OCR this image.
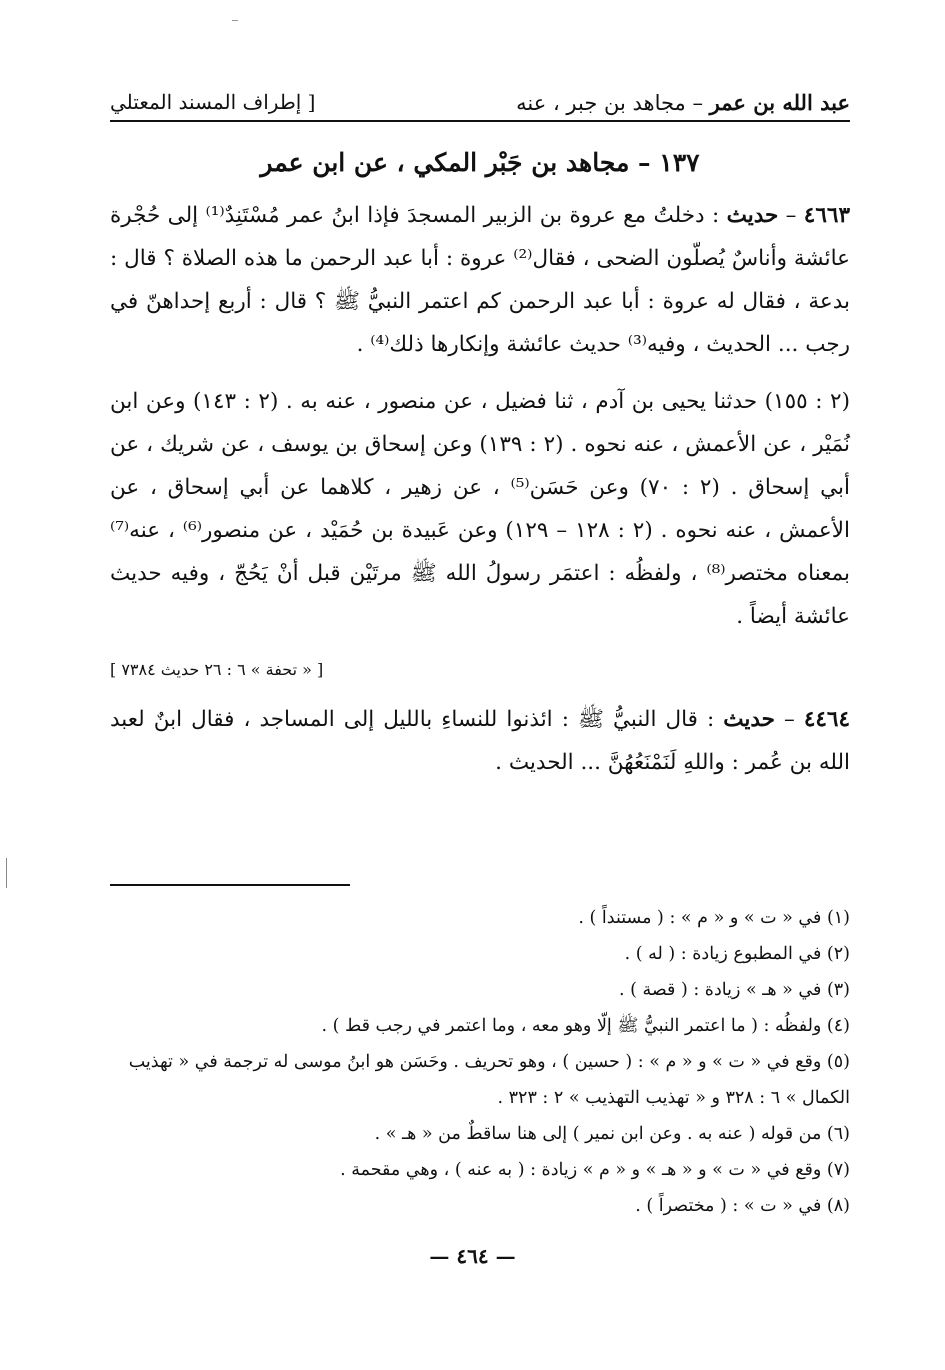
عبد الله بن عمر – مجاهد بن جبر ، عنه
[ إطراف المسند المعتلي
١٣٧ – مجاهد بن جَبْر المكي ، عن ابن عمر

٤٦٦٣ – حديث : دخلتُ مع عروة بن الزبير المسجدَ فإذا ابنُ عمر مُسْتَنِدٌ⁽¹⁾ إلى حُجْرة عائشة وأناسٌ يُصلّون الضحى ، فقال⁽²⁾ عروة : أبا عبد الرحمن ما هذه الصلاة ؟ قال : بدعة ، فقال له عروة : أبا عبد الرحمن كم اعتمر النبيُّ ﷺ ؟ قال : أربع إحداهنّ في رجب ... الحديث ، وفيه⁽³⁾ حديث عائشة وإنكارها ذلك⁽⁴⁾ .

(٢ : ١٥٥) حدثنا يحيى بن آدم ، ثنا فضيل ، عن منصور ، عنه به . (٢ : ١٤٣) وعن ابن نُمَيْر ، عن الأعمش ، عنه نحوه . (٢ : ١٣٩) وعن إسحاق بن يوسف ، عن شريك ، عن أبي إسحاق . (٢ : ٧٠) وعن حَسَن⁽⁵⁾ ، عن زهير ، كلاهما عن أبي إسحاق ، عن الأعمش ، عنه نحوه . (٢ : ١٢٨ – ١٢٩) وعن عَبيدة بن حُمَيْد ، عن منصور⁽⁶⁾ ، عنه⁽⁷⁾ بمعناه مختصر⁽⁸⁾ ، ولفظُه : اعتمَر رسولُ الله ﷺ مرتَيْن قبل أنْ يَحُجّ ، وفيه حديث عائشة أيضاً .

[ « تحفة » ٦ : ٢٦ حديث ٧٣٨٤ ]

٤٤٦٤ – حديث : قال النبيُّ ﷺ : ائذنوا للنساءِ بالليل إلى المساجد ، فقال ابنٌ لعبد الله بن عُمر : واللهِ لَنَمْنَعُهُنَّ ... الحديث .

(١) في « ت » و « م » : ( مستنداً ) .

(٢) في المطبوع زيادة : ( له ) .

(٣) في « هـ » زيادة : ( قصة ) .

(٤) ولفظُه : ( ما اعتمر النبيُّ ﷺ إلّا وهو معه ، وما اعتمر في رجب قط ) .

(٥) وقع في « ت » و « م » : ( حسين ) ، وهو تحريف . وحَسَن هو ابنُ موسى له ترجمة في « تهذيب الكمال » ٦ : ٣٢٨ و « تهذيب التهذيب » ٢ : ٣٢٣ .

(٦) من قوله ( عنه به . وعن ابن نمير ) إلى هنا ساقطٌ من « هـ » .

(٧) وقع في « ت » و « هـ » و « م » زيادة : ( به عنه ) ، وهي مقحمة .

(٨) في « ت » : ( مختصراً ) .

— ٤٦٤ —
